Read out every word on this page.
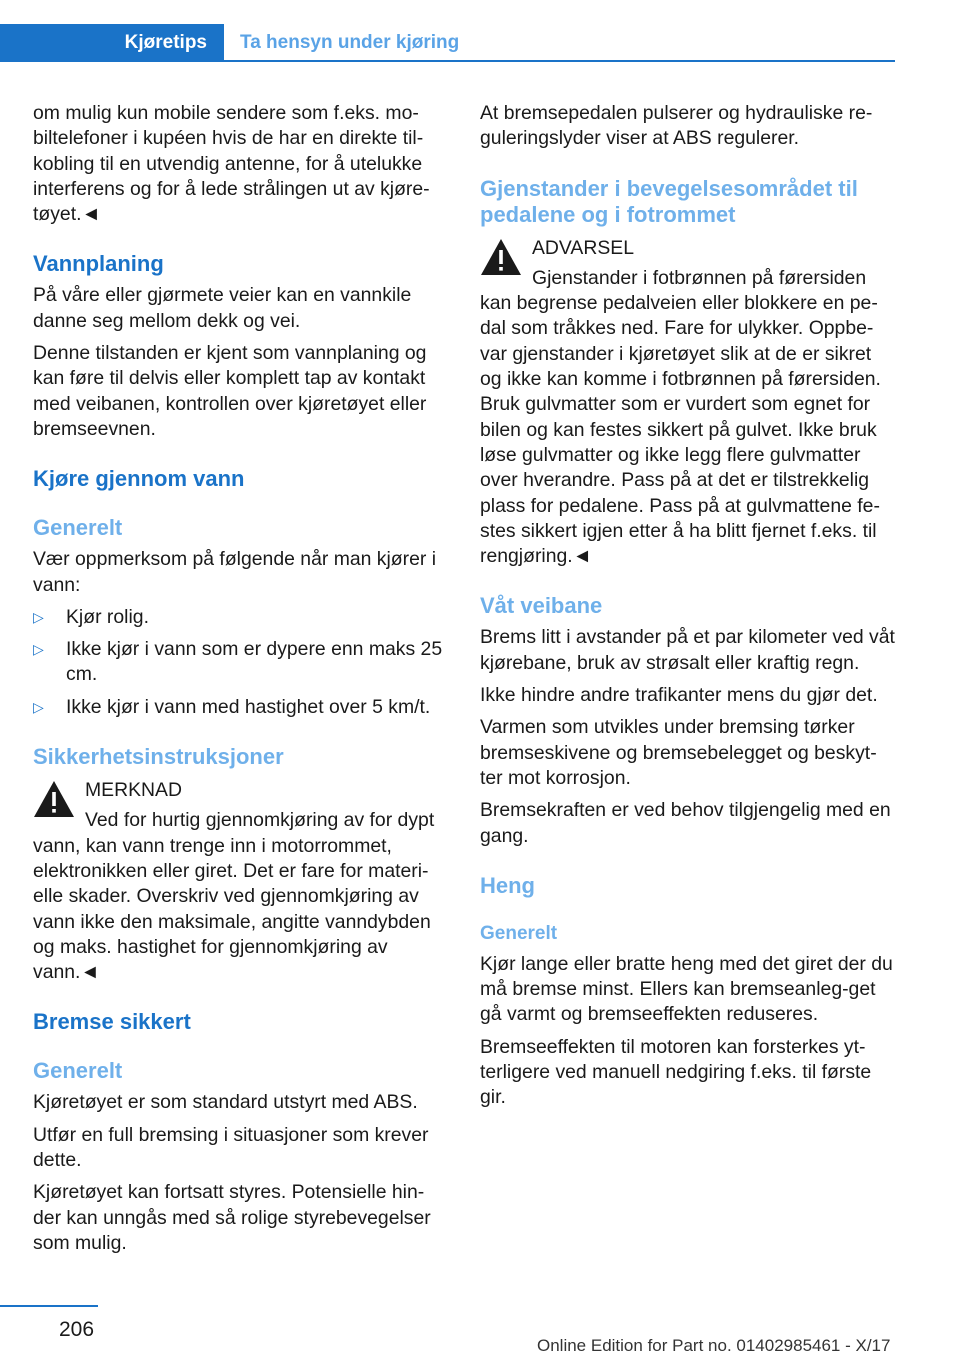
Kjøretips	Ta hensyn under kjøring

om mulig kun mobile sendere som f.eks. mo-biltelefoner i kupéen hvis de har en direkte til-kobling til en utvendig antenne, for å utelukke interferens og for å lede strålingen ut av kjøre-tøyet.◄

Vannplaning

På våre eller gjørmete veier kan en vannkile danne seg mellom dekk og vei.

Denne tilstanden er kjent som vannplaning og kan føre til delvis eller komplett tap av kontakt med veibanen, kontrollen over kjøretøyet eller bremseevnen.

Kjøre gjennom vann
Generelt

Vær oppmerksom på følgende når man kjører i vann:

▷ Kjør rolig.
▷ Ikke kjør i vann som er dypere enn maks 25 cm.
▷ Ikke kjør i vann med hastighet over 5 km/t.
Sikkerhetsinstruksjoner

MERKNAD

Ved for hurtig gjennomkjøring av for dypt vann, kan vann trenge inn i motorrommet, elektronikken eller giret. Det er fare for materi-elle skader. Overskriv ved gjennomkjøring av vann ikke den maksimale, angitte vanndybden og maks. hastighet for gjennomkjøring av vann.◄

Bremse sikkert
Generelt

Kjøretøyet er som standard utstyrt med ABS.

Utfør en full bremsing i situasjoner som krever dette.

Kjøretøyet kan fortsatt styres. Potensielle hin-der kan unngås med så rolige styrebevegelser som mulig.

At bremsepedalen pulserer og hydrauliske re-guleringslyder viser at ABS regulerer.

Gjenstander i bevegelsesområdet til pedalene og i fotrommet

ADVARSEL

Gjenstander i fotbrønnen på førersiden kan begrense pedalveien eller blokkere en pe-dal som tråkkes ned. Fare for ulykker. Oppbe-var gjenstander i kjøretøyet slik at de er sikret og ikke kan komme i fotbrønnen på førersiden. Bruk gulvmatter som er vurdert som egnet for bilen og kan festes sikkert på gulvet. Ikke bruk løse gulvmatter og ikke legg flere gulvmatter over hverandre. Pass på at det er tilstrekkelig plass for pedalene. Pass på at gulvmattene fe-stes sikkert igjen etter å ha blitt fjernet f.eks. til rengjøring.◄

Våt veibane

Brems litt i avstander på et par kilometer ved våt kjørebane, bruk av strøsalt eller kraftig regn.

Ikke hindre andre trafikanter mens du gjør det.

Varmen som utvikles under bremsing tørker bremseskivene og bremsebelegget og beskyt-ter mot korrosjon.

Bremsekraften er ved behov tilgjengelig med en gang.

Heng
Generelt

Kjør lange eller bratte heng med det giret der du må bremse minst. Ellers kan bremseanleg-get gå varmt og bremseeffekten reduseres.

Bremseeffekten til motoren kan forsterkes yt-terligere ved manuell nedgiring f.eks. til første gir.

206
Online Edition for Part no. 01402985461 - X/17
